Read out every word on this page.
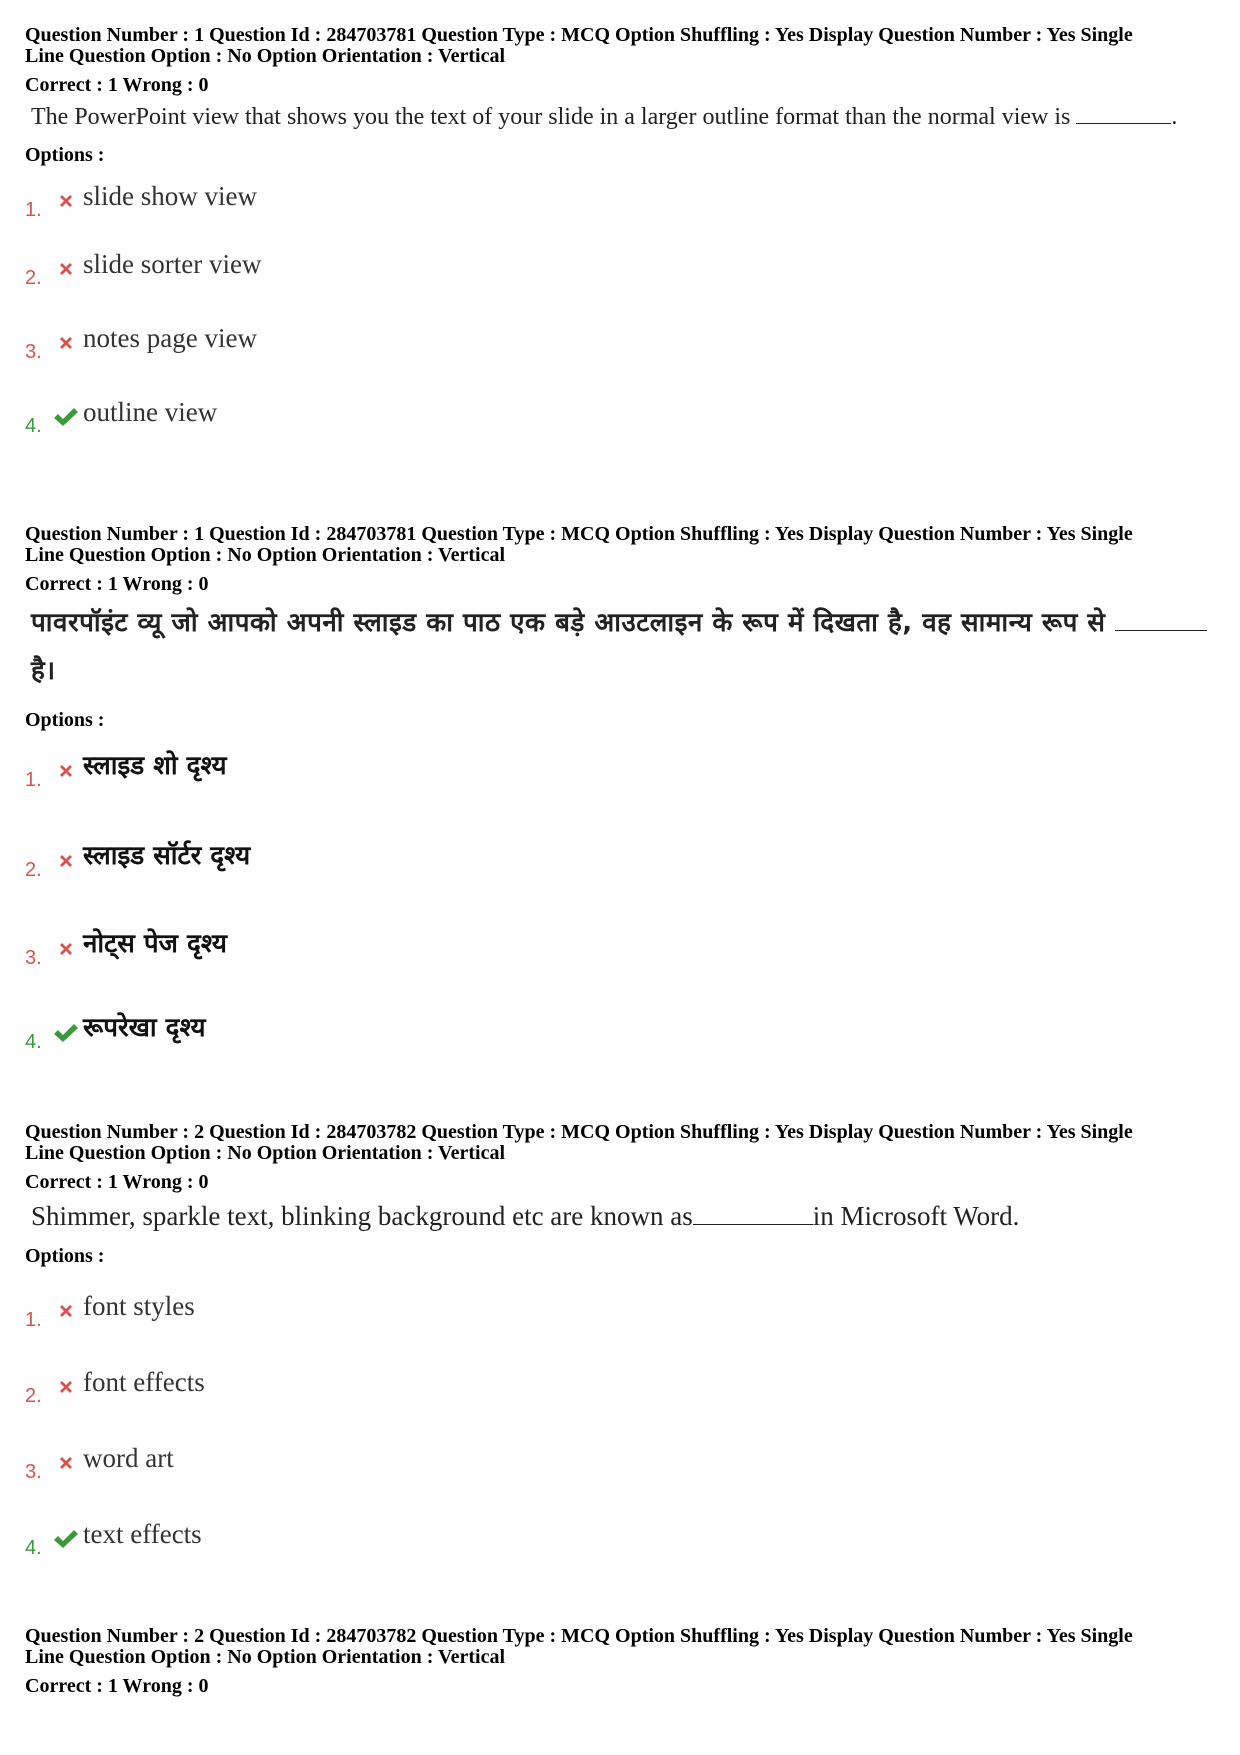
Question Number : 1 Question Id : 284703781 Question Type : MCQ Option Shuffling : Yes Display Question Number : Yes Single

Line Question Option : No Option Orientation : Vertical

Correct : 1 Wrong : 0
The PowerPoint view that shows you the text of your slide in a larger outline format than the normal view is	.
Options :
1. slide show view
2. slide sorter view
3. notes page view
4. outline view

Question Number : 1 Question Id : 284703781 Question Type : MCQ Option Shuffling : Yes Display Question Number : Yes Single

Line Question Option : No Option Orientation : Vertical

Correct : 1 Wrong : 0
पावरपॉइंट व्यू जो आपको अपनी स्लाइड का पाठ एक बड़े आउटलाइन के रूप में दिखता है, वह सामान्य रूप से  है।
Options :
1. स्लाइड शो दृश्य
2. स्लाइड सॉर्टर दृश्य
3. नोट्स पेज दृश्य
4. रूपरेखा दृश्य

Question Number : 2 Question Id : 284703782 Question Type : MCQ Option Shuffling : Yes Display Question Number : Yes Single

Line Question Option : No Option Orientation : Vertical

Correct : 1 Wrong : 0
Shimmer, sparkle text, blinking background etc are known as	in Microsoft Word.
Options :
1. font styles
2. font effects
3. word art
4. text effects

Question Number : 2 Question Id : 284703782 Question Type : MCQ Option Shuffling : Yes Display Question Number : Yes Single

Line Question Option : No Option Orientation : Vertical

Correct : 1 Wrong : 0
